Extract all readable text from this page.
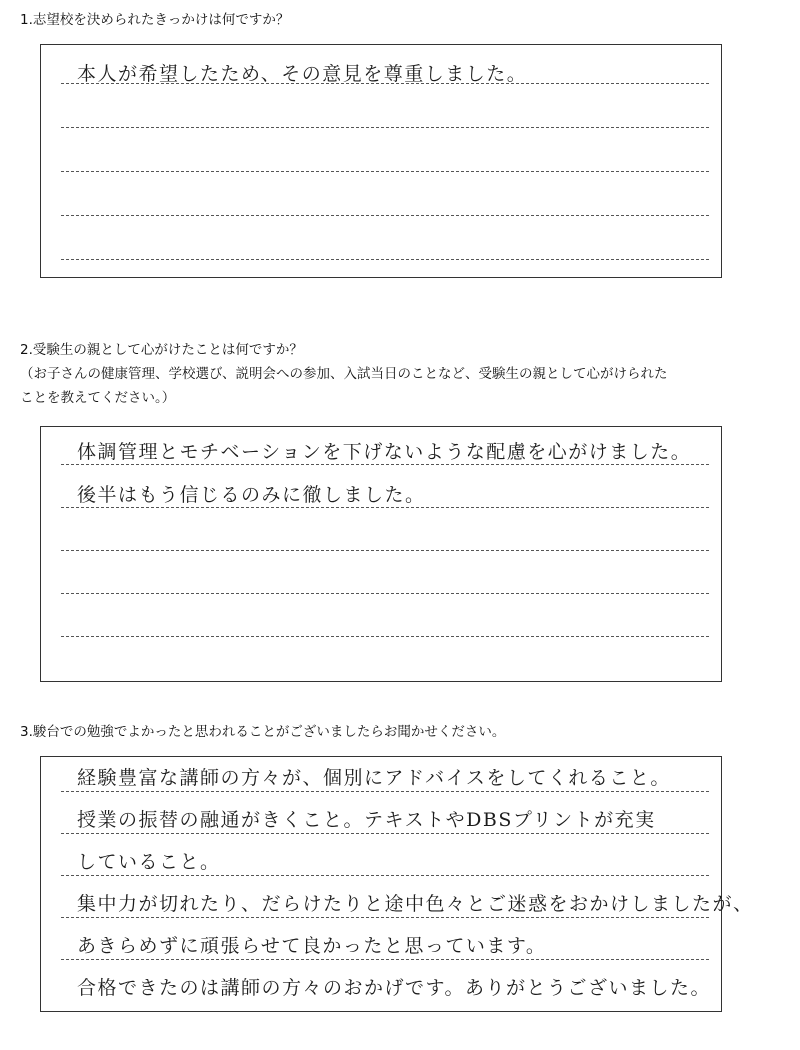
1.志望校を決められたきっかけは何ですか？
本人が希望したため、その意見を尊重しました。
2.受験生の親として心がけたことは何ですか？
（お子さんの健康管理、学校選び、説明会への参加、入試当日のことなど、受験生の親として心がけられた
ことを教えてください。）
体調管理とモチベーションを下げないような配慮を心がけました。
後半はもう信じるのみに徹しました。
3.駿台での勉強でよかったと思われることがございましたらお聞かせください。
経験豊富な講師の方々が、個別にアドバイスをしてくれること。
授業の振替の融通がきくこと。テキストやDBSプリントが充実
していること。
集中力が切れたり、だらけたりと途中色々とご迷惑をおかけしましたが、
あきらめずに頑張らせて良かったと思っています。
合格できたのは講師の方々のおかげです。ありがとうございました。
